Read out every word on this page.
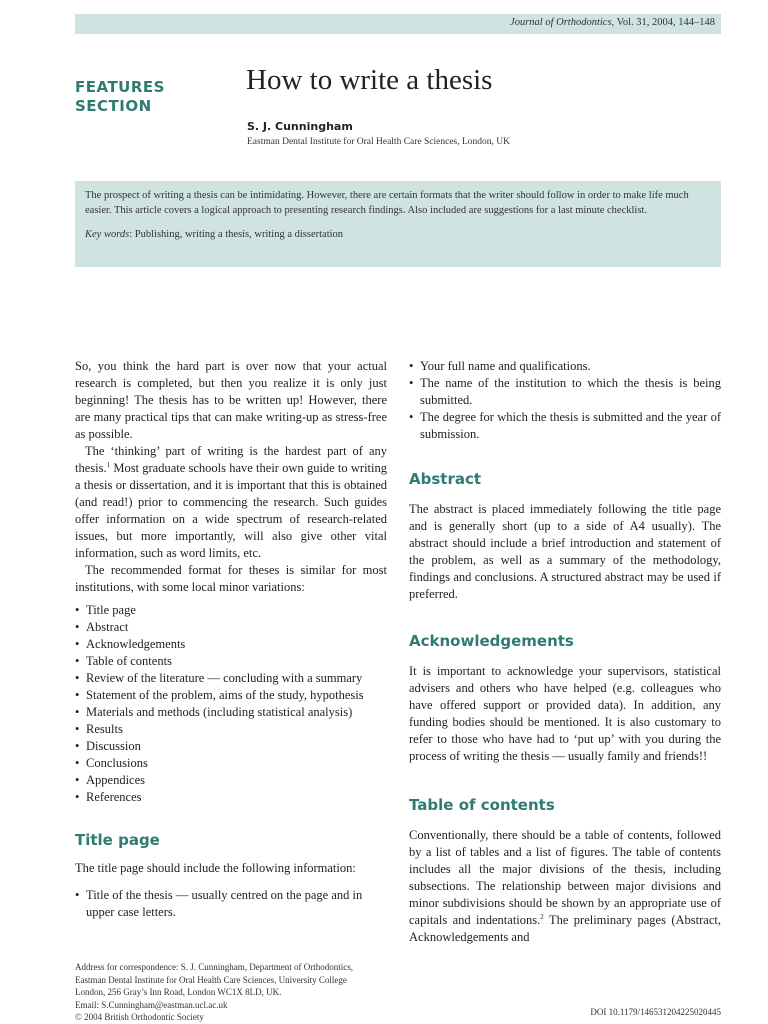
Journal of Orthodontics, Vol. 31, 2004, 144–148
FEATURES
SECTION
How to write a thesis
S. J. Cunningham
Eastman Dental Institute for Oral Health Care Sciences, London, UK

The prospect of writing a thesis can be intimidating. However, there are certain formats that the writer should follow in order to make life much easier. This article covers a logical approach to presenting research findings. Also included are suggestions for a last minute checklist.

Key words: Publishing, writing a thesis, writing a dissertation

So, you think the hard part is over now that your actual research is completed, but then you realize it is only just beginning! The thesis has to be written up! However, there are many practical tips that can make writing-up as stress-free as possible.

The ‘thinking’ part of writing is the hardest part of any thesis.$^1$ Most graduate schools have their own guide to writing a thesis or dissertation, and it is important that this is obtained (and read!) prior to commencing the research. Such guides offer information on a wide spectrum of research-related issues, but more importantly, will also give other vital information, such as word limits, etc.

The recommended format for theses is similar for most institutions, with some local minor variations:

• Title page
• Abstract
• Acknowledgements
• Table of contents
• Review of the literature — concluding with a summary
• Statement of the problem, aims of the study, hypothesis
• Materials and methods (including statistical analysis)
• Results
• Discussion
• Conclusions
• Appendices
• References
Title page

The title page should include the following information:

• Title of the thesis — usually centred on the page and in upper case letters.
• Your full name and qualifications.
• The name of the institution to which the thesis is being submitted.
• The degree for which the thesis is submitted and the year of submission.
Abstract

The abstract is placed immediately following the title page and is generally short (up to a side of A4 usually). The abstract should include a brief introduction and statement of the problem, as well as a summary of the methodology, findings and conclusions. A structured abstract may be used if preferred.

Acknowledgements

It is important to acknowledge your supervisors, statistical advisers and others who have helped (e.g. colleagues who have offered support or provided data). In addition, any funding bodies should be mentioned. It is also customary to refer to those who have had to ‘put up’ with you during the process of writing the thesis — usually family and friends!!

Table of contents

Conventionally, there should be a table of contents, followed by a list of tables and a list of figures. The table of contents includes all the major divisions of the thesis, including subsections. The relationship between major divisions and minor subdivisions should be shown by an appropriate use of capitals and indentations.$^2$ The preliminary pages (Abstract, Acknowledgements and

Address for correspondence: S. J. Cunningham, Department of Orthodontics,
Eastman Dental Institute for Oral Health Care Sciences, University College
London, 256 Gray’s Inn Road, London WC1X 8LD, UK.
Email: S.Cunningham@eastman.ucl.ac.uk
© 2004 British Orthodontic Society	DOI 10.1179/146531204225020445
